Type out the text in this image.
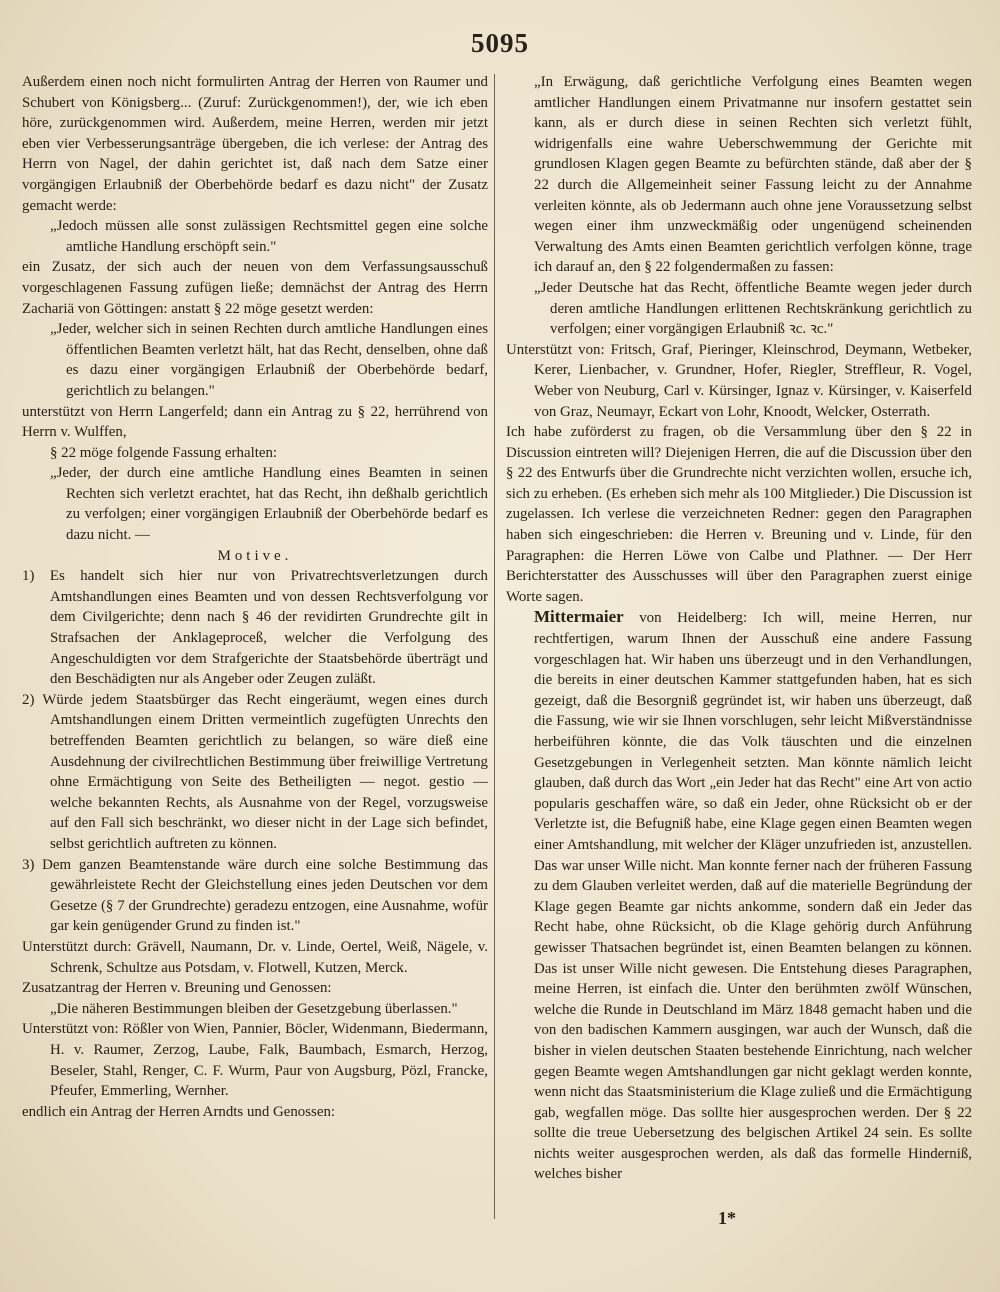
5095

Außerdem einen noch nicht formulirten Antrag der Herren von Raumer und Schubert von Königsberg... (Zuruf: Zurückgenommen!), der, wie ich eben höre, zurückgenommen wird. Außerdem, meine Herren, werden mir jetzt eben vier Verbesserungsanträge übergeben, die ich verlese: der Antrag des Herrn von Nagel, der dahin gerichtet ist, daß nach dem Satze einer vorgängigen Erlaubniß der Oberbehörde bedarf es dazu nicht" der Zusatz gemacht werde:

„Jedoch müssen alle sonst zulässigen Rechtsmittel gegen eine solche amtliche Handlung erschöpft sein."

ein Zusatz, der sich auch der neuen von dem Verfassungsausschuß vorgeschlagenen Fassung zufügen ließe; demnächst der Antrag des Herrn Zachariä von Göttingen: anstatt § 22 möge gesetzt werden:

„Jeder, welcher sich in seinen Rechten durch amtliche Handlungen eines öffentlichen Beamten verletzt hält, hat das Recht, denselben, ohne daß es dazu einer vorgängigen Erlaubniß der Oberbehörde bedarf, gerichtlich zu belangen."

unterstützt von Herrn Langerfeld; dann ein Antrag zu § 22, herrührend von Herrn v. Wulffen,

§ 22 möge folgende Fassung erhalten:

„Jeder, der durch eine amtliche Handlung eines Beamten in seinen Rechten sich verletzt erachtet, hat das Recht, ihn deßhalb gerichtlich zu verfolgen; einer vorgängigen Erlaubniß der Oberbehörde bedarf es dazu nicht. —

Motive.

1) Es handelt sich hier nur von Privatrechtsverletzungen durch Amtshandlungen eines Beamten und von dessen Rechtsverfolgung vor dem Civilgerichte; denn nach § 46 der revidirten Grundrechte gilt in Strafsachen der Anklageproceß, welcher die Verfolgung des Angeschuldigten vor dem Strafgerichte der Staatsbehörde überträgt und den Beschädigten nur als Angeber oder Zeugen zuläßt.

2) Würde jedem Staatsbürger das Recht eingeräumt, wegen eines durch Amtshandlungen einem Dritten vermeintlich zugefügten Unrechts den betreffenden Beamten gerichtlich zu belangen, so wäre dieß eine Ausdehnung der civilrechtlichen Bestimmung über freiwillige Vertretung ohne Ermächtigung von Seite des Betheiligten — negot. gestio — welche bekannten Rechts, als Ausnahme von der Regel, vorzugsweise auf den Fall sich beschränkt, wo dieser nicht in der Lage sich befindet, selbst gerichtlich auftreten zu können.

3) Dem ganzen Beamtenstande wäre durch eine solche Bestimmung das gewährleistete Recht der Gleichstellung eines jeden Deutschen vor dem Gesetze (§ 7 der Grundrechte) geradezu entzogen, eine Ausnahme, wofür gar kein genügender Grund zu finden ist."

Unterstützt durch: Grävell, Naumann, Dr. v. Linde, Oertel, Weiß, Nägele, v. Schrenk, Schultze aus Potsdam, v. Flotwell, Kutzen, Merck.

Zusatzantrag der Herren v. Breuning und Genossen:

„Die näheren Bestimmungen bleiben der Gesetzgebung überlassen."

Unterstützt von: Rößler von Wien, Pannier, Böcler, Widenmann, Biedermann, H. v. Raumer, Zerzog, Laube, Falk, Baumbach, Esmarch, Herzog, Beseler, Stahl, Renger, C. F. Wurm, Paur von Augsburg, Pözl, Francke, Pfeufer, Emmerling, Wernher.

endlich ein Antrag der Herren Arndts und Genossen:

„In Erwägung, daß gerichtliche Verfolgung eines Beamten wegen amtlicher Handlungen einem Privatmanne nur insofern gestattet sein kann, als er durch diese in seinen Rechten sich verletzt fühlt, widrigenfalls eine wahre Ueberschwemmung der Gerichte mit grundlosen Klagen gegen Beamte zu befürchten stände, daß aber der § 22 durch die Allgemeinheit seiner Fassung leicht zu der Annahme verleiten könnte, als ob Jedermann auch ohne jene Voraussetzung selbst wegen einer ihm unzweckmäßig oder ungenügend scheinenden Verwaltung des Amts einen Beamten gerichtlich verfolgen könne, trage ich darauf an, den § 22 folgendermaßen zu fassen:

„Jeder Deutsche hat das Recht, öffentliche Beamte wegen jeder durch deren amtliche Handlungen erlittenen Rechtskränkung gerichtlich zu verfolgen; einer vorgängigen Erlaubniß ꝛc. ꝛc."

Unterstützt von: Fritsch, Graf, Pieringer, Kleinschrod, Deymann, Wetbeker, Kerer, Lienbacher, v. Grundner, Hofer, Riegler, Streffleur, R. Vogel, Weber von Neuburg, Carl v. Kürsinger, Ignaz v. Kürsinger, v. Kaiserfeld von Graz, Neumayr, Eckart von Lohr, Knoodt, Welcker, Osterrath.

Ich habe zuförderst zu fragen, ob die Versammlung über den § 22 in Discussion eintreten will? Diejenigen Herren, die auf die Discussion über den § 22 des Entwurfs über die Grundrechte nicht verzichten wollen, ersuche ich, sich zu erheben. (Es erheben sich mehr als 100 Mitglieder.) Die Discussion ist zugelassen. Ich verlese die verzeichneten Redner: gegen den Paragraphen haben sich eingeschrieben: die Herren v. Breuning und v. Linde, für den Paragraphen: die Herren Löwe von Calbe und Plathner. — Der Herr Berichterstatter des Ausschusses will über den Paragraphen zuerst einige Worte sagen.

Mittermaier von Heidelberg: Ich will, meine Herren, nur rechtfertigen, warum Ihnen der Ausschuß eine andere Fassung vorgeschlagen hat. Wir haben uns überzeugt und in den Verhandlungen, die bereits in einer deutschen Kammer stattgefunden haben, hat es sich gezeigt, daß die Besorgniß gegründet ist, wir haben uns überzeugt, daß die Fassung, wie wir sie Ihnen vorschlugen, sehr leicht Mißverständnisse herbeiführen könnte, die das Volk täuschten und die einzelnen Gesetzgebungen in Verlegenheit setzten. Man könnte nämlich leicht glauben, daß durch das Wort „ein Jeder hat das Recht" eine Art von actio popularis geschaffen wäre, so daß ein Jeder, ohne Rücksicht ob er der Verletzte ist, die Befugniß habe, eine Klage gegen einen Beamten wegen einer Amtshandlung, mit welcher der Kläger unzufrieden ist, anzustellen. Das war unser Wille nicht. Man konnte ferner nach der früheren Fassung zu dem Glauben verleitet werden, daß auf die materielle Begründung der Klage gegen Beamte gar nichts ankomme, sondern daß ein Jeder das Recht habe, ohne Rücksicht, ob die Klage gehörig durch Anführung gewisser Thatsachen begründet ist, einen Beamten belangen zu können. Das ist unser Wille nicht gewesen. Die Entstehung dieses Paragraphen, meine Herren, ist einfach die. Unter den berühmten zwölf Wünschen, welche die Runde in Deutschland im März 1848 gemacht haben und die von den badischen Kammern ausgingen, war auch der Wunsch, daß die bisher in vielen deutschen Staaten bestehende Einrichtung, nach welcher gegen Beamte wegen Amtshandlungen gar nicht geklagt werden konnte, wenn nicht das Staatsministerium die Klage zuließ und die Ermächtigung gab, wegfallen möge. Das sollte hier ausgesprochen werden. Der § 22 sollte die treue Uebersetzung des belgischen Artikel 24 sein. Es sollte nichts weiter ausgesprochen werden, als daß das formelle Hinderniß, welches bisher

1*
